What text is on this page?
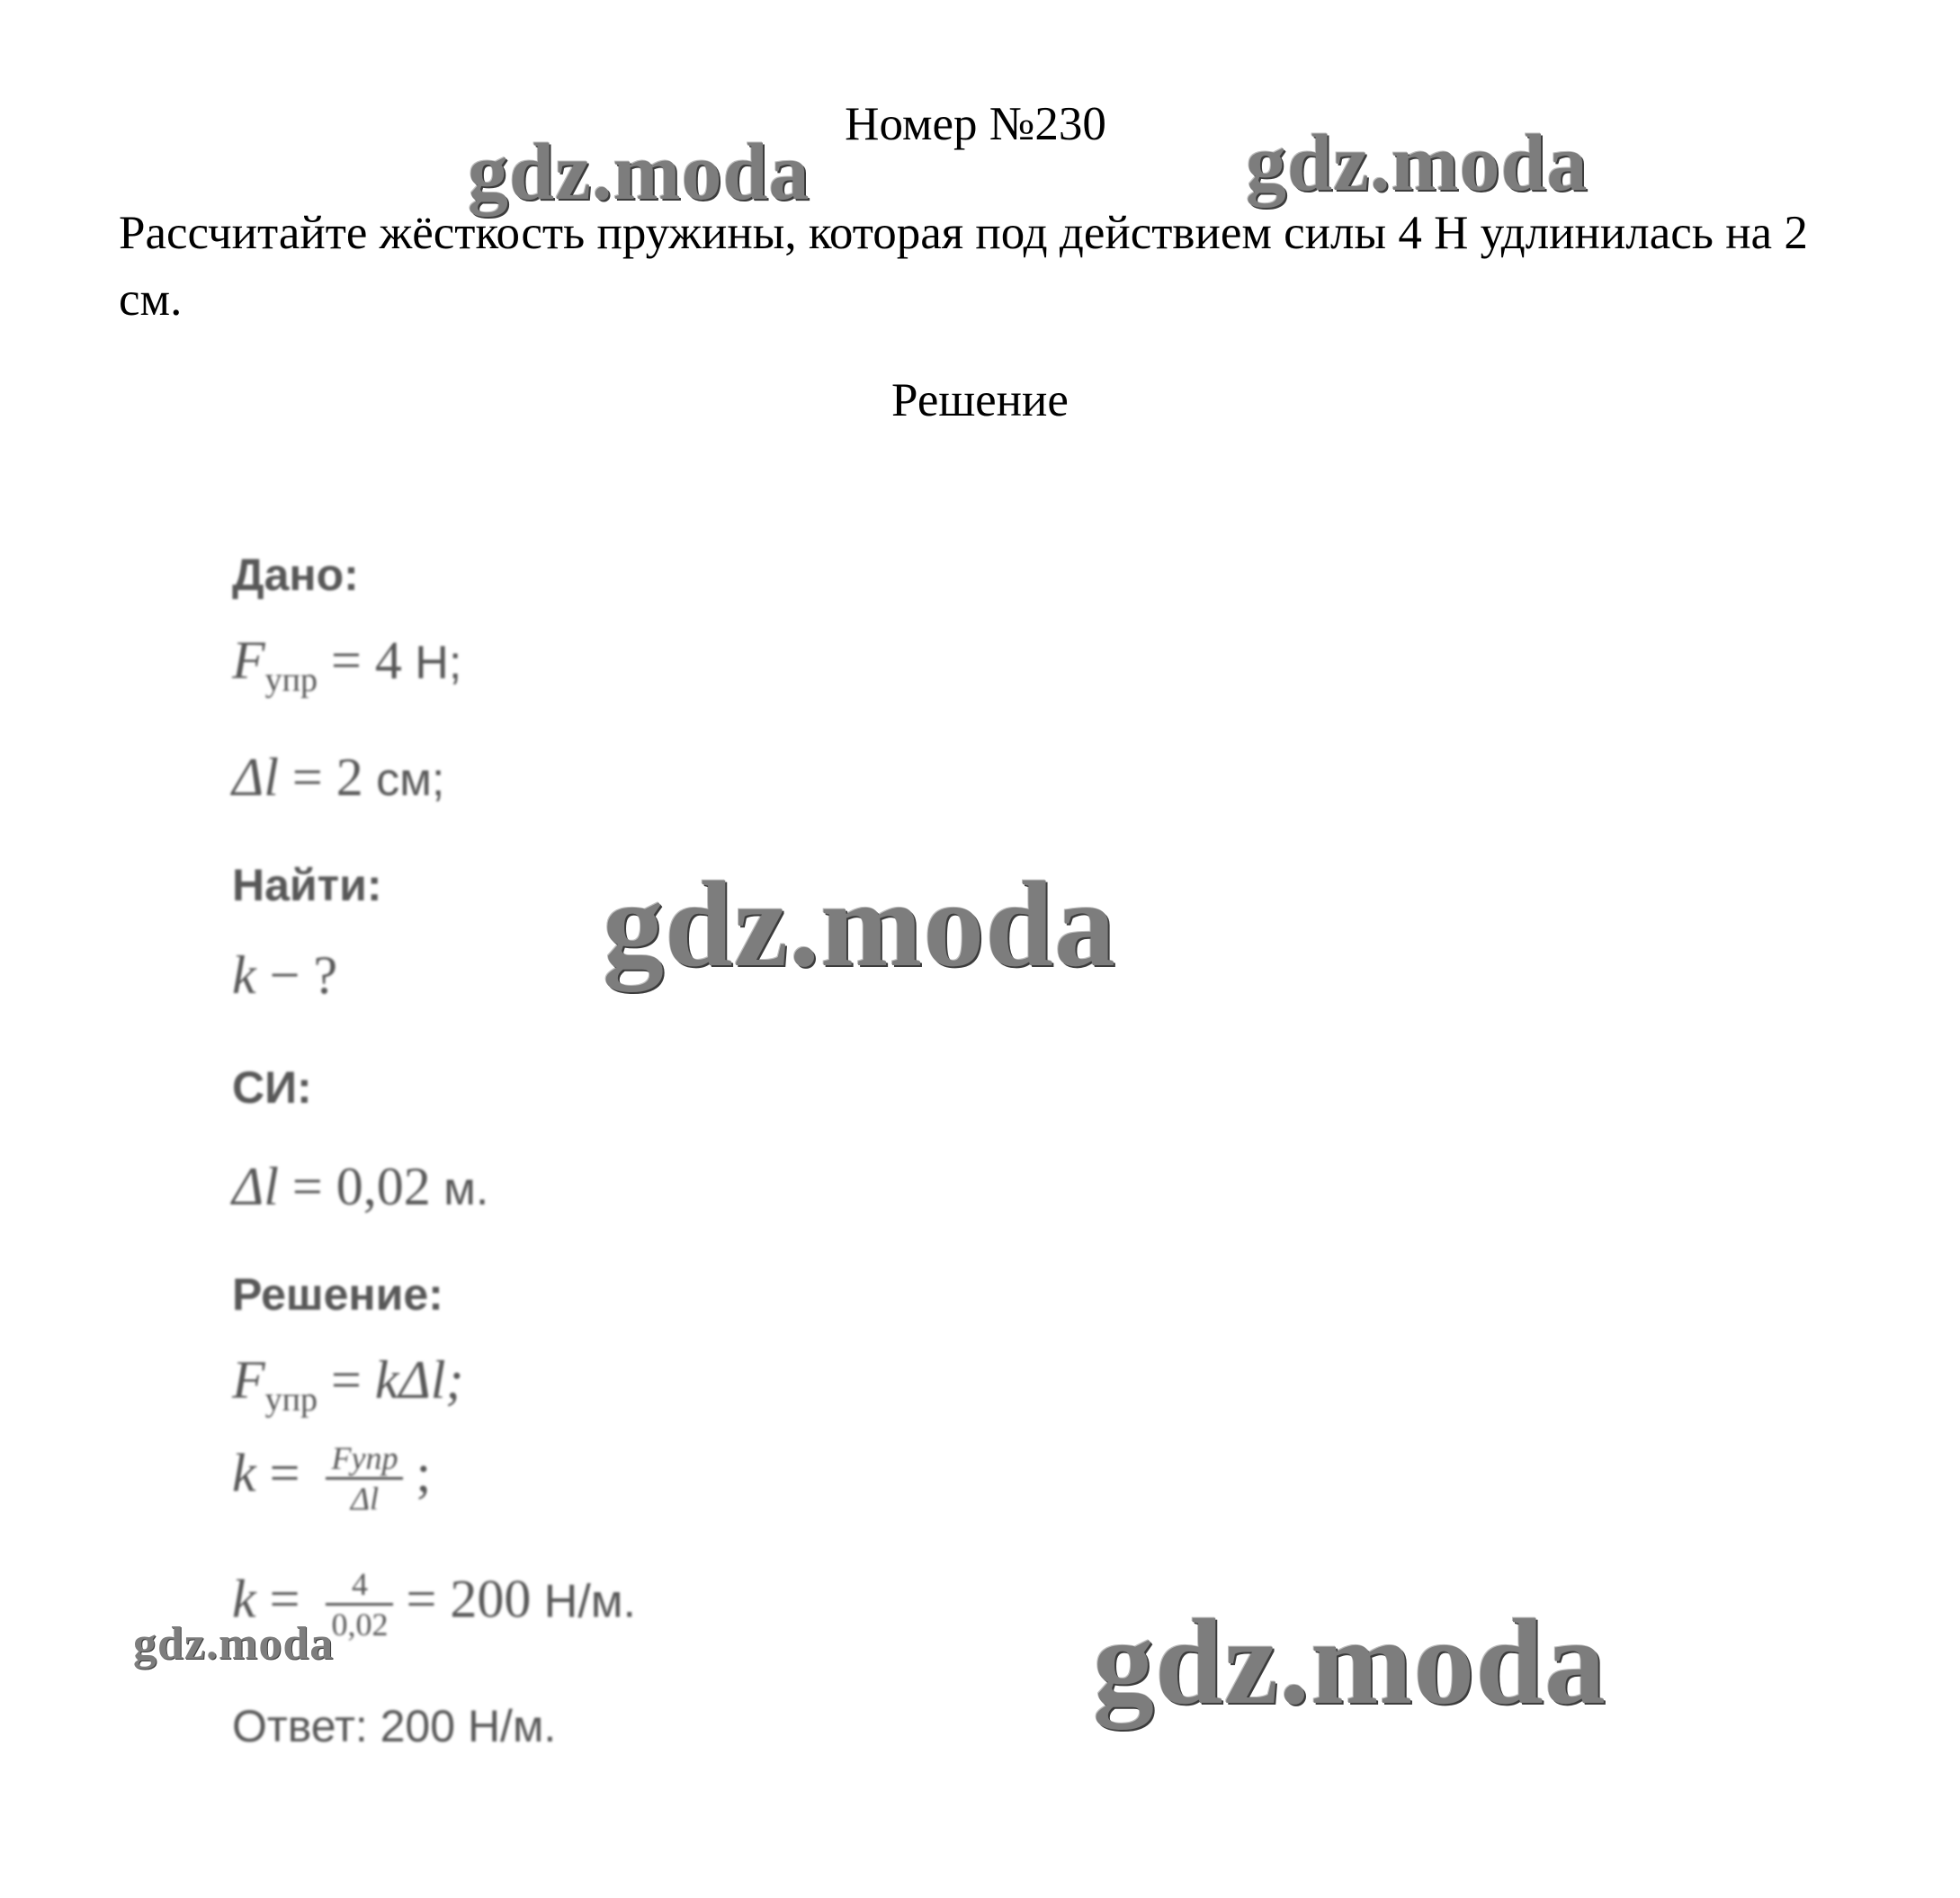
Номер №230
Рассчитайте жёсткость пружины, которая под действием силы 4 Н удлинилась на 2 см.
Решение
Дано:
$F_{упр} = 4$ Н;
Δl = 2 см;
Найти:
k − ?
СИ:
Δl = 0,02 м.
Решение:
$F_{упр} = k\Delta l$;
$k = \frac{\text{Fупр}}{\Delta l}$ ;
$k = \frac{4}{0,02} = 200$ Н/м.
Ответ: 200 Н/м.
gdz.moda	gdz.moda
gdz.moda
gdz.moda	gdz.moda
